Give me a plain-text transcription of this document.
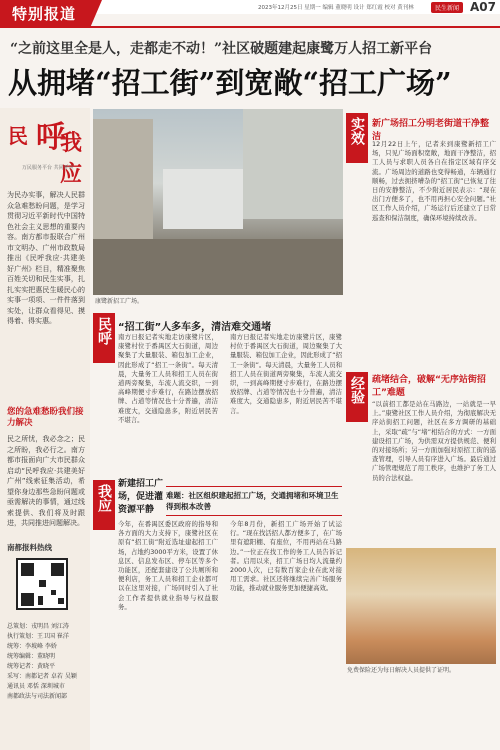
特别报道	2023年12月25日 星期一 编辑 董晓明 设计 郑红霞 校对 黄刊林	民生新闻 A07
“之前这里全是人，走都走不动！”社区破题建起康鹭万人招工新平台
从拥堵“招工街”到宽敞“招工广场”
民 呼
我应
万民服务平台 共同呼应
为民办实事，解决人民群众急难愁盼问题，是学习贯彻习近平新时代中国特色社会主义思想的重要内容。南方都市报联合广州市文明办、广州市政数局推出《民呼我应·共建美好广州》栏目，精准聚焦百姓关切和民生实事，扎扎实实把惠民生暖民心的实事一项项、一件件落到实处，让群众看得见、摸得着、得实惠。
您的急难愁盼我们接力解决
民之所忧，我必念之；民之所盼，我必行之。南方都市报面向广大市民群众启动“民呼我应·共建美好广州”线索征集活动，希望你身边那些急盼问题或亟需解决的事情，通过线索提供、我们将及时跟进，共同推进问题解决。
南都报料热线
总策划：戎明昌 刘江涛
执行策划：王卫国 崔洋
统筹：李坡峰 李娇
统筹编辑：董晓明
统筹记者：黄晓平
采写：南都记者 卓若 吴颖
通讯员 邓恬 深圳城市
南都政法与司法新闻部
康鹭新招工广场。
民呼 “招工街”人多车多，清洁难交通堵
南方日报记者实地走访康鹭片区，康鹭村位于番禺区大石街道，周边聚集了大量服装、箱包加工企业，因此形成了“招工一条街”。每天清晨，大量务工人员和招工人员在街道两旁聚集，车流人流交织，一到高峰期便寸步难行，在路边摆放招牌、占道等情况也十分普遍，清洁难度大，交通隐患多，附近居民苦不堪言。
南方日报记者实地走访康鹭片区，康鹭村位于番禺区大石街道，周边聚集了大量服装、箱包加工企业，因此形成了“招工一条街”。每天清晨，大量务工人员和招工人员在街道两旁聚集，车流人流交织，一到高峰期便寸步难行，在路边摆放招牌、占道等情况也十分普遍，清洁难度大，交通隐患多，附近居民苦不堪言。
我应 新建招工广场，促进灌资源平静
今年，在番禺区委区政府的指导和各方面的大力支持下，康鹭社区在原有“招工街”附近选址建起招工广场，占地约3000平方米，设置了休息区、信息发布区、停车区等多个功能区，还配套建设了公共厕所和便利店，务工人员和招工企业都可以在这里对接，广场同时引入了社会工作者提供就业指导与权益服务。
难题：社区组织建起招工广场，交通拥堵和环境卫生得到根本改善
今年8月份，新招工广场开始了试运行。“现在找活招人都方便多了，在广场里有遮阳棚、有座位，不用再站在马路边。”一位正在找工作的务工人员告诉记者。启用以来，招工广场日均人流量约2000人次，已有数百家企业在此对接用工需求。社区还将继续完善广场服务功能，推动就业服务更加便捷高效。
实效 新广场招工分明老街道干净整洁
12月22日上午，记者来到康鹭新招工广场，只见广场面积宽敞，地面干净整洁，招工人员与求职人员各自在指定区域有序交流。广场周边的道路也变得畅通，车辆通行顺畅，过去拥挤嘈杂的“招工街”已恢复了往日的安静整洁，不少附近居民表示：“现在出门方便多了，也不用再担心安全问题。”社区工作人员介绍，广场运行后还建立了日常巡查和保洁制度，确保环境持续改善。
经验 疏堵结合，破解“无序站街招工”难题
“以前招工都是站在马路边，一站就是一早上。”康鹭社区工作人员介绍，为彻底解决无序站街招工问题，社区在多方调研的基础上，采取“疏”与“堵”相结合的方式：一方面建设招工广场，为供需双方提供规范、便利的对接场所；另一方面加强对原招工街的巡查管理，引导人员有序进入广场。最后通过广场管理规范了用工秩序，也维护了务工人员的合法权益。
免费保险还为每日解决人员提供了证明。
